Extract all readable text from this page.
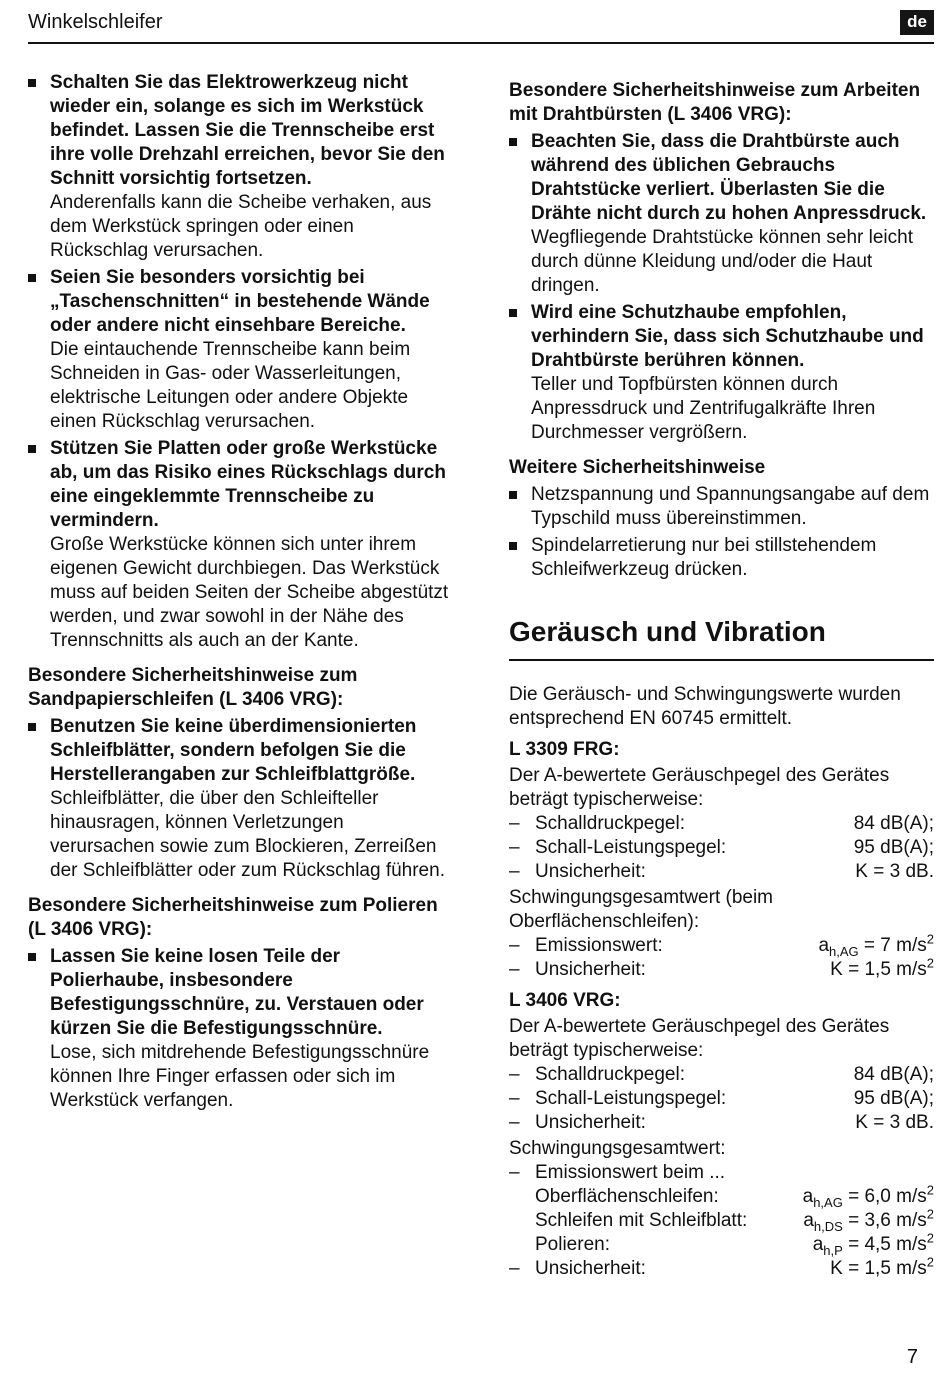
Winkelschleifer	de
Schalten Sie das Elektrowerkzeug nicht wieder ein, solange es sich im Werkstück befindet. Lassen Sie die Trennscheibe erst ihre volle Drehzahl erreichen, bevor Sie den Schnitt vorsichtig fortsetzen.
Anderenfalls kann die Scheibe verhaken, aus dem Werkstück springen oder einen Rückschlag verursachen.
Seien Sie besonders vorsichtig bei „Taschenschnitten“ in bestehende Wände oder andere nicht einsehbare Bereiche.
Die eintauchende Trennscheibe kann beim Schneiden in Gas- oder Wasserleitungen, elektrische Leitungen oder andere Objekte einen Rückschlag verursachen.
Stützen Sie Platten oder große Werkstücke ab, um das Risiko eines Rückschlags durch eine eingeklemmte Trennscheibe zu vermindern.
Große Werkstücke können sich unter ihrem eigenen Gewicht durchbiegen. Das Werkstück muss auf beiden Seiten der Scheibe abgestützt werden, und zwar sowohl in der Nähe des Trennschnitts als auch an der Kante.
Besondere Sicherheitshinweise zum Sandpapierschleifen (L 3406 VRG):
Benutzen Sie keine überdimensionierten Schleifblätter, sondern befolgen Sie die Herstellerangaben zur Schleifblattgröße.
Schleifblätter, die über den Schleifteller hinausragen, können Verletzungen verursachen sowie zum Blockieren, Zerreißen der Schleifblätter oder zum Rückschlag führen.
Besondere Sicherheitshinweise zum Polieren (L 3406 VRG):
Lassen Sie keine losen Teile der Polierhaube, insbesondere Befestigungsschnüre, zu. Verstauen oder kürzen Sie die Befestigungsschnüre.
Lose, sich mitdrehende Befestigungsschnüre können Ihre Finger erfassen oder sich im Werkstück verfangen.
Besondere Sicherheitshinweise zum Arbeiten mit Drahtbürsten (L 3406 VRG):
Beachten Sie, dass die Drahtbürste auch während des üblichen Gebrauchs Drahtstücke verliert. Überlasten Sie die Drähte nicht durch zu hohen Anpressdruck.
Wegfliegende Drahtstücke können sehr leicht durch dünne Kleidung und/oder die Haut dringen.
Wird eine Schutzhaube empfohlen, verhindern Sie, dass sich Schutzhaube und Drahtbürste berühren können.
Teller und Topfbürsten können durch Anpressdruck und Zentrifugalkräfte Ihren Durchmesser vergrößern.
Weitere Sicherheitshinweise
Netzspannung und Spannungsangabe auf dem Typschild muss übereinstimmen.
Spindelarretierung nur bei stillstehendem Schleifwerkzeug drücken.
Geräusch und Vibration
Die Geräusch- und Schwingungswerte wurden entsprechend EN 60745 ermittelt.
L 3309 FRG:
Der A-bewertete Geräuschpegel des Gerätes beträgt typischerweise:
– Schalldruckpegel:	84 dB(A);
– Schall-Leistungspegel:	95 dB(A);
– Unsicherheit:	K = 3 dB.
Schwingungsgesamtwert (beim Oberflächenschleifen):
– Emissionswert:	$a_{h,AG} = 7$ $m/s^2$
– Unsicherheit:	K = 1,5 $m/s^2$
L 3406 VRG:
Der A-bewertete Geräuschpegel des Gerätes beträgt typischerweise:
– Schalldruckpegel:	84 dB(A);
– Schall-Leistungspegel:	95 dB(A);
– Unsicherheit:	K = 3 dB.
Schwingungsgesamtwert:
– Emissionswert beim ...
Oberflächenschleifen:	$a_{h,AG} = 6,0$ $m/s^2$
Schleifen mit Schleifblatt:	$a_{h,DS} = 3,6$ $m/s^2$
Polieren:	$a_{h,P} = 4,5$ $m/s^2$
– Unsicherheit:	K = 1,5 $m/s^2$
7
